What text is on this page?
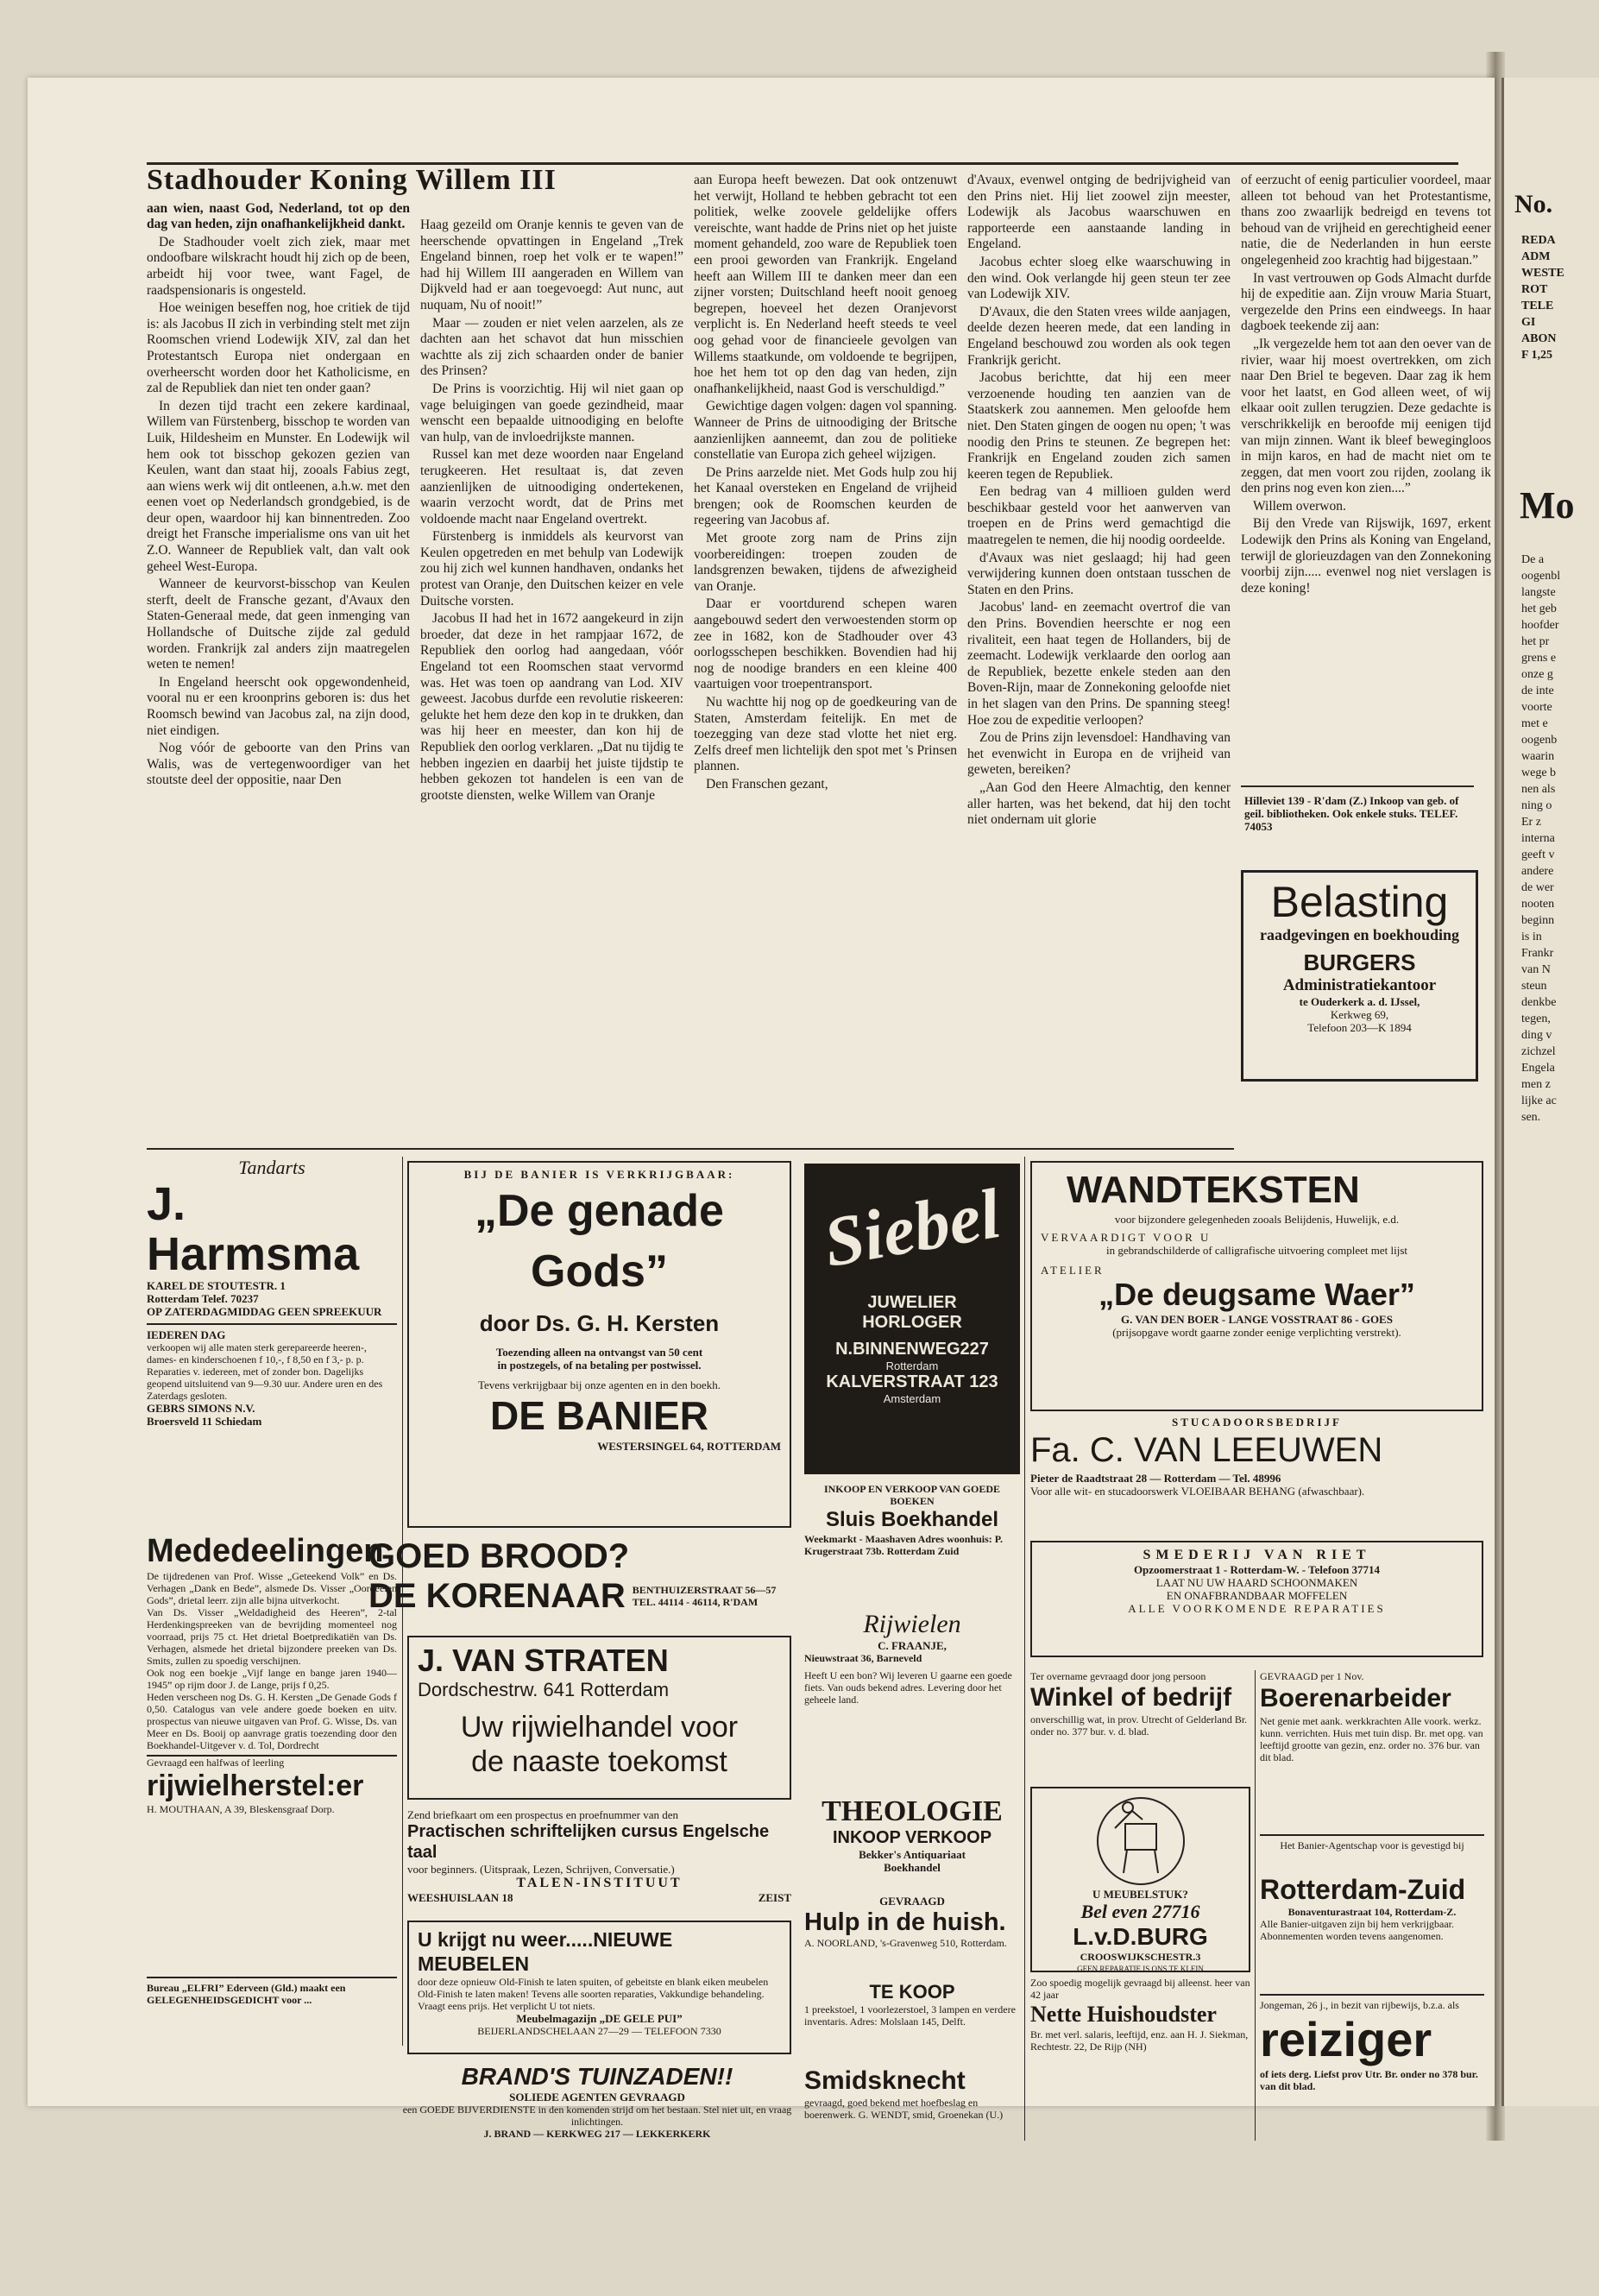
Stadhouder Koning Willem III

aan wien, naast God, Nederland, tot op den dag van heden, zijn onafhankelijkheid dankt.

De Stadhouder voelt zich ziek, maar met ondoofbare wilskracht houdt hij zich op de been, arbeidt hij voor twee, want Fagel, de raadspensionaris is ongesteld.

Hoe weinigen beseffen nog, hoe critiek de tijd is: als Jacobus II zich in verbinding stelt met zijn Roomschen vriend Lodewijk XIV, zal dan het Protestantsch Europa niet ondergaan en overheerscht worden door het Katholicisme, en zal de Republiek dan niet ten onder gaan?

In dezen tijd tracht een zekere kardinaal, Willem van Fürstenberg, bisschop te worden van Luik, Hildesheim en Munster. En Lodewijk wil hem ook tot bisschop gekozen gezien van Keulen, want dan staat hij, zooals Fabius zegt, aan wiens werk wij dit ontleenen, a.h.w. met den eenen voet op Nederlandsch grondgebied, is de deur open, waardoor hij kan binnentreden. Zoo dreigt het Fransche imperialisme ons van uit het Z.O. Wanneer de Republiek valt, dan valt ook geheel West-Europa.

Wanneer de keurvorst-bisschop van Keulen sterft, deelt de Fransche gezant, d'Avaux den Staten-Generaal mede, dat geen inmenging van Hollandsche of Duitsche zijde zal geduld worden. Frankrijk zal anders zijn maatregelen weten te nemen!

In Engeland heerscht ook opgewondenheid, vooral nu er een kroonprins geboren is: dus het Roomsch bewind van Jacobus zal, na zijn dood, niet eindigen.

Nog vóór de geboorte van den Prins van Walis, was de vertegenwoordiger van het stoutste deel der oppositie, naar Den

Haag gezeild om Oranje kennis te geven van de heerschende opvattingen in Engeland „Trek Engeland binnen, roep het volk er te wapen!” had hij Willem III aangeraden en Willem van Dijkveld had er aan toegevoegd: Aut nunc, aut nuquam, Nu of nooit!”

Maar — zouden er niet velen aarzelen, als ze dachten aan het schavot dat hun misschien wachtte als zij zich schaarden onder de banier des Prinsen?

De Prins is voorzichtig. Hij wil niet gaan op vage beluigingen van goede gezindheid, maar wenscht een bepaalde uitnoodiging en belofte van hulp, van de invloedrijkste mannen.

Russel kan met deze woorden naar Engeland terugkeeren. Het resultaat is, dat zeven aanzienlijken de uitnoodiging ondertekenen, waarin verzocht wordt, dat de Prins met voldoende macht naar Engeland overtrekt.

Fürstenberg is inmiddels als keurvorst van Keulen opgetreden en met behulp van Lodewijk zou hij zich wel kunnen handhaven, ondanks het protest van Oranje, den Duitschen keizer en vele Duitsche vorsten.

Jacobus II had het in 1672 aangekeurd in zijn broeder, dat deze in het rampjaar 1672, de Republiek den oorlog had aangedaan, vóór Engeland tot een Roomschen staat vervormd was. Het was toen op aandrang van Lod. XIV geweest. Jacobus durfde een revolutie riskeeren: gelukte het hem deze den kop in te drukken, dan was hij heer en meester, dan kon hij de Republiek den oorlog verklaren. „Dat nu tijdig te hebben ingezien en daarbij het juiste tijdstip te hebben gekozen tot handelen is een van de grootste diensten, welke Willem van Oranje

aan Europa heeft bewezen. Dat ook ontzenuwt het verwijt, Holland te hebben gebracht tot een politiek, welke zoovele geldelijke offers vereischte, want hadde de Prins niet op het juiste moment gehandeld, zoo ware de Republiek toen een prooi geworden van Frankrijk. Engeland heeft aan Willem III te danken meer dan een zijner vorsten; Duitschland heeft nooit genoeg begrepen, hoeveel het dezen Oranjevorst verplicht is. En Nederland heeft steeds te veel oog gehad voor de financieele gevolgen van Willems staatkunde, om voldoende te begrijpen, hoe het hem tot op den dag van heden, zijn onafhankelijkheid, naast God is verschuldigd.”

Gewichtige dagen volgen: dagen vol spanning. Wanneer de Prins de uitnoodiging der Britsche aanzienlijken aanneemt, dan zou de politieke constellatie van Europa zich geheel wijzigen.

De Prins aarzelde niet. Met Gods hulp zou hij het Kanaal oversteken en Engeland de vrijheid brengen; ook de Roomschen keurden de regeering van Jacobus af.

Met groote zorg nam de Prins zijn voorbereidingen: troepen zouden de landsgrenzen bewaken, tijdens de afwezigheid van Oranje.

Daar er voortdurend schepen waren aangebouwd sedert den verwoestenden storm op zee in 1682, kon de Stadhouder over 43 oorlogsschepen beschikken. Bovendien had hij nog de noodige branders en een kleine 400 vaartuigen voor troepentransport.

Nu wachtte hij nog op de goedkeuring van de Staten, Amsterdam feitelijk. En met de toezegging van deze stad vlotte het niet erg. Zelfs dreef men lichtelijk den spot met 's Prinsen plannen.

Den Franschen gezant,

d'Avaux, evenwel ontging de bedrijvigheid van den Prins niet. Hij liet zoowel zijn meester, Lodewijk als Jacobus waarschuwen en rapporteerde een aanstaande landing in Engeland.

Jacobus echter sloeg elke waarschuwing in den wind. Ook verlangde hij geen steun ter zee van Lodewijk XIV.

D'Avaux, die den Staten vrees wilde aanjagen, deelde dezen heeren mede, dat een landing in Engeland beschouwd zou worden als ook tegen Frankrijk gericht.

Jacobus berichtte, dat hij een meer verzoenende houding ten aanzien van de Staatskerk zou aannemen. Men geloofde hem niet. Den Staten gingen de oogen nu open; 't was noodig den Prins te steunen. Ze begrepen het: Frankrijk en Engeland zouden zich samen keeren tegen de Republiek.

Een bedrag van 4 millioen gulden werd beschikbaar gesteld voor het aanwerven van troepen en de Prins werd gemachtigd die maatregelen te nemen, die hij noodig oordeelde.

d'Avaux was niet geslaagd; hij had geen verwijdering kunnen doen ontstaan tusschen de Staten en den Prins.

Jacobus' land- en zeemacht overtrof die van den Prins. Bovendien heerschte er nog een rivaliteit, een haat tegen de Hollanders, bij de zeemacht. Lodewijk verklaarde den oorlog aan de Republiek, bezette enkele steden aan den Boven-Rijn, maar de Zonnekoning geloofde niet in het slagen van den Prins. De spanning steeg! Hoe zou de expeditie verloopen?

Zou de Prins zijn levensdoel: Handhaving van het evenwicht in Europa en de vrijheid van geweten, bereiken?

„Aan God den Heere Almachtig, den kenner aller harten, was het bekend, dat hij den tocht niet ondernam uit glorie

of eerzucht of eenig particulier voordeel, maar alleen tot behoud van het Protestantisme, thans zoo zwaarlijk bedreigd en tevens tot behoud van de vrijheid en gerechtigheid eener natie, die de Nederlanden in hun eerste ongelegenheid zoo krachtig had bijgestaan.”

In vast vertrouwen op Gods Almacht durfde hij de expeditie aan. Zijn vrouw Maria Stuart, vergezelde den Prins een eindweegs. In haar dagboek teekende zij aan:

„Ik vergezelde hem tot aan den oever van de rivier, waar hij moest overtrekken, om zich naar Den Briel te begeven. Daar zag ik hem voor het laatst, en God alleen weet, of wij elkaar ooit zullen terugzien. Deze gedachte is verschrikkelijk en beroofde mij eenigen tijd van mijn zinnen. Want ik bleef bewegingloos in mijn karos, en had de macht niet om te zeggen, dat men voort zou rijden, zoolang ik den prins nog even kon zien....”

Willem overwon.

Bij den Vrede van Rijswijk, 1697, erkent Lodewijk den Prins als Koning van Engeland, terwijl de glorieuzdagen van den Zonnekoning voorbij zijn..... evenwel nog niet verslagen is deze koning!

Hilleviet 139 - R'dam (Z.) Inkoop van geb. of geil. bibliotheken. Ook enkele stuks. TELEF. 74053
Belasting
raadgevingen en boekhouding
BURGERS
Administratiekantoor
te Ouderkerk a. d. IJssel,
Kerkweg 69,
Telefoon 203—K 1894
Tandarts
J. Harmsma
KAREL DE STOUTESTR. 1
Rotterdam Telef. 70237
OP ZATERDAGMIDDAG GEEN SPREEKUUR
IEDEREN DAG
verkoopen wij alle maten sterk gerepareerde heeren-, dames- en kinderschoenen f 10,-, f 8,50 en f 3,- p. p. Reparaties v. iedereen, met of zonder bon. Dagelijks geopend uitsluitend van 9—9.30 uur. Andere uren en des Zaterdags gesloten.
GEBRS SIMONS N.V.
Broersveld 11 Schiedam
Mededeelingen
De tijdredenen van Prof. Wisse „Geteekend Volk” en Ds. Verhagen „Dank en Bede”, alsmede Ds. Visser „Oordeelen Gods”, drietal leerr. zijn alle bijna uitverkocht.
Van Ds. Visser „Weldadigheid des Heeren”, 2-tal Herdenkingspreeken van de bevrijding momenteel nog voorraad, prijs 75 ct. Het drietal Boetpredikatiën van Ds. Verhagen, alsmede het drietal bijzondere preeken van Ds. Smits, zullen zu spoedig verschijnen.
Ook nog een boekje „Vijf lange en bange jaren 1940—1945” op rijm door J. de Lange, prijs f 0,25.
Heden verscheen nog Ds. G. H. Kersten „De Genade Gods f 0,50. Catalogus van vele andere goede boeken en uitv. prospectus van nieuwe uitgaven van Prof. G. Wisse, Ds. van Meer en Ds. Booij op aanvrage gratis toezending door den Boekhandel-Uitgever v. d. Tol, Dordrecht
Gevraagd een halfwas of leerling
rijwielherstel:er
H. MOUTHAAN, A 39, Bleskensgraaf Dorp.
Bureau „ELFRI” Ederveen (Gld.) maakt een GELEGENHEIDSGEDICHT voor ...
BIJ DE BANIER IS VERKRIJGBAAR:
„De genade Gods”
door Ds. G. H. Kersten
Toezending alleen na ontvangst van 50 cent
in postzegels, of na betaling per postwissel.
Tevens verkrijgbaar bij onze agenten en in den boekh.
DE BANIER
WESTERSINGEL 64, ROTTERDAM
GOED BROOD?
DE KORENAAR BENTHUIZERSTRAAT 56—57
TEL. 44114 - 46114, R'DAM
J. VAN STRATEN
Dordschestrw. 641 Rotterdam
Uw rijwielhandel voor
de naaste toekomst
Zend briefkaart om een prospectus en proefnummer van den
Practischen schriftelijken cursus Engelsche taal
voor beginners. (Uitspraak, Lezen, Schrijven, Conversatie.)
TALEN-INSTITUUT
WEESHUISLAAN 18	ZEIST
U krijgt nu weer.....NIEUWE MEUBELEN
door deze opnieuw Old-Finish te laten spuiten, of gebeitste en blank eiken meubelen Old-Finish te laten maken! Tevens alle soorten reparaties, Vakkundige behandeling. Vraagt eens prijs. Het verplicht U tot niets.
Meubelmagazijn „DE GELE PUI”
BEIJERLANDSCHELAAN 27—29 — TELEFOON 7330
BRAND'S TUINZADEN!!
SOLIEDE AGENTEN GEVRAAGD
een GOEDE BIJVERDIENSTE in den komenden strijd om het bestaan. Stel niet uit, en vraag inlichtingen.
J. BRAND — KERKWEG 217 — LEKKERKERK
Siebel
JUWELIER
HORLOGER
N.BINNENWEG227
Rotterdam
KALVERSTRAAT 123
Amsterdam
INKOOP EN VERKOOP VAN GOEDE BOEKEN
Sluis Boekhandel
Weekmarkt - Maashaven Adres woonhuis: P. Krugerstraat 73b. Rotterdam Zuid
Rijwielen
C. FRAANJE,
Nieuwstraat 36, Barneveld
Heeft U een bon? Wij leveren U gaarne een goede fiets. Van ouds bekend adres. Levering door het geheele land.
THEOLOGIE
INKOOP VERKOOP
Bekker's Antiquariaat
Boekhandel
GEVRAAGD
Hulp in de huish.
A. NOORLAND, 's-Gravenweg 510, Rotterdam.
TE KOOP
1 preekstoel, 1 voorlezerstoel, 3 lampen en verdere inventaris. Adres: Molslaan 145, Delft.
Smidsknecht
gevraagd, goed bekend met hoefbeslag en boerenwerk. G. WENDT, smid, Groenekan (U.)
WANDTEKSTEN
voor bijzondere gelegenheden zooals Belijdenis, Huwelijk, e.d.
VERVAARDIGT VOOR U
in gebrandschilderde of calligrafische uitvoering compleet met lijst
ATELIER
„De deugsame Waer”
G. VAN DEN BOER - LANGE VOSSTRAAT 86 - GOES
(prijsopgave wordt gaarne zonder eenige verplichting verstrekt).
STUCADOORSBEDRIJF
Fa. C. VAN LEEUWEN
Pieter de Raadtstraat 28 — Rotterdam — Tel. 48996
Voor alle wit- en stucadoorswerk VLOEIBAAR BEHANG (afwaschbaar).
SMEDERIJ VAN RIET
Opzoomerstraat 1 - Rotterdam-W. - Telefoon 37714
LAAT NU UW HAARD SCHOONMAKEN
EN ONAFBRANDBAAR MOFFELEN
ALLE VOORKOMENDE REPARATIES
Ter overname gevraagd door jong persoon
Winkel of bedrijf
onverschillig wat, in prov. Utrecht of Gelderland Br. onder no. 377 bur. v. d. blad.
U MEUBELSTUK?
Bel even 27716
L.v.D.BURG
CROOSWIJKSCHESTR.3
GEEN REPARATIE IS ONS TE KLEIN
Zoo spoedig mogelijk gevraagd bij alleenst. heer van 42 jaar
Nette Huishoudster
Br. met verl. salaris, leeftijd, enz. aan H. J. Siekman, Rechtestr. 22, De Rijp (NH)
GEVRAAGD per 1 Nov.
Boerenarbeider
Net genie met aank. werkkrachten Alle voork. werkz. kunn. verrichten. Huis met tuin disp. Br. met opg. van leeftijd grootte van gezin, enz. order no. 376 bur. van dit blad.
Het Banier-Agentschap voor is gevestigd bij
Rotterdam-Zuid
Bonaventurastraat 104, Rotterdam-Z.
Alle Banier-uitgaven zijn bij hem verkrijgbaar. Abonnementen worden tevens aangenomen.
Jongeman, 26 j., in bezit van rijbewijs, b.z.a. als
reiziger
of iets derg. Liefst prov Utr. Br. onder no 378 bur. van dit blad.
No.

REDA

ADM

WESTE

ROT

TELE

GI

ABON

F 1,25

Mo

De a

oogenbl

langste

het geb

hoofder

het pr

grens e

onze g

de inte

voorte

met e

oogenb

waarin

wege b

nen als

ning o

Er z

interna

geeft v

andere

de wer

nooten

beginn

is in

Frankr

van N

steun

denkbe

tegen,

ding v

zichzel

Engela

men z

lijke ac

sen.
